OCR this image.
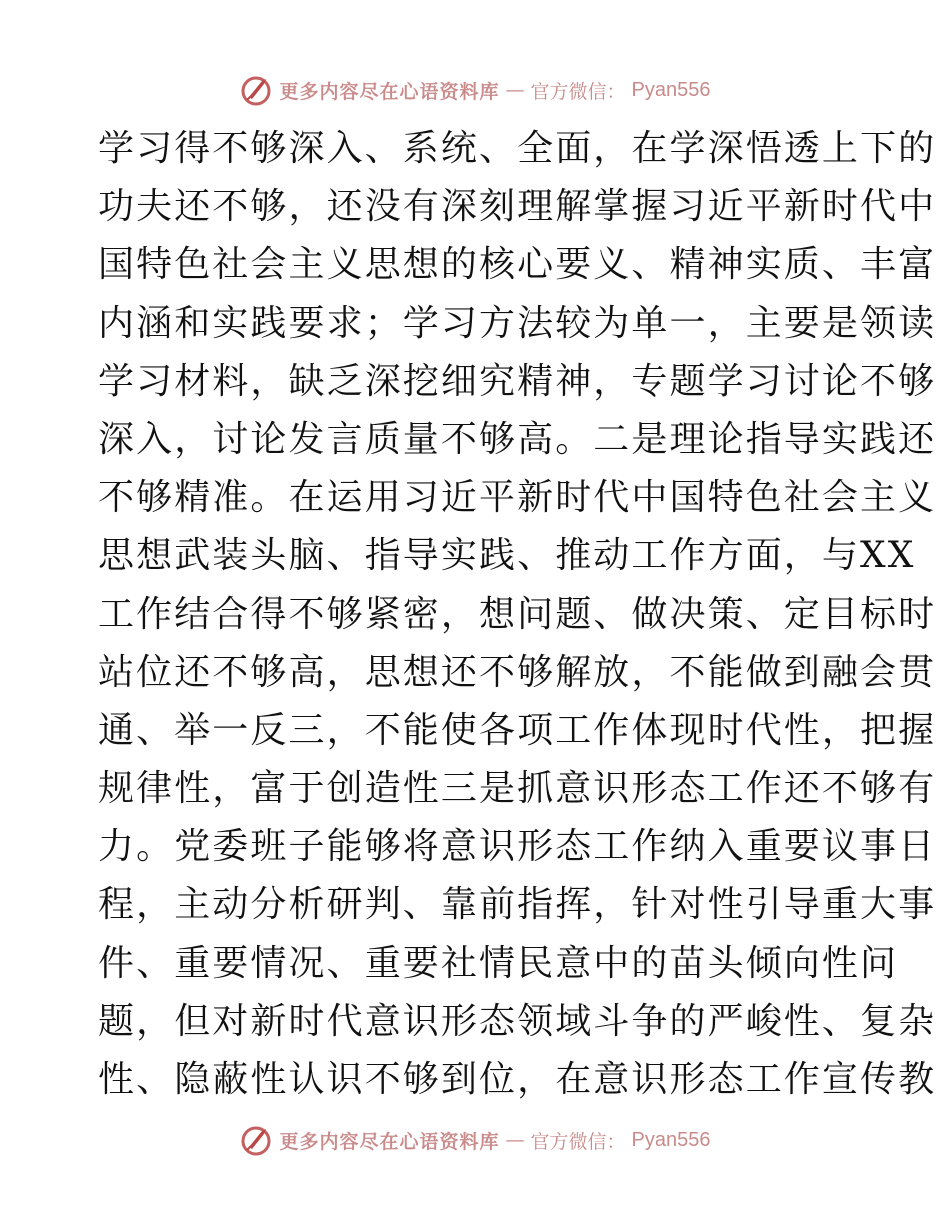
更多内容尽在心语资料库 — 官方微信： Pyan556
学习得不够深入、系统、全面，在学深悟透上下的
功夫还不够，还没有深刻理解掌握习近平新时代中
国特色社会主义思想的核心要义、精神实质、丰富
内涵和实践要求；学习方法较为单一，主要是领读
学习材料，缺乏深挖细究精神，专题学习讨论不够
深入，讨论发言质量不够高。二是理论指导实践还
不够精准。在运用习近平新时代中国特色社会主义
思想武装头脑、指导实践、推动工作方面，与XX
工作结合得不够紧密，想问题、做决策、定目标时
站位还不够高，思想还不够解放，不能做到融会贯
通、举一反三，不能使各项工作体现时代性，把握
规律性，富于创造性三是抓意识形态工作还不够有
力。党委班子能够将意识形态工作纳入重要议事日
程，主动分析研判、靠前指挥，针对性引导重大事
件、重要情况、重要社情民意中的苗头倾向性问
题，但对新时代意识形态领域斗争的严峻性、复杂
性、隐蔽性认识不够到位，在意识形态工作宣传教
更多内容尽在心语资料库 — 官方微信： Pyan556
